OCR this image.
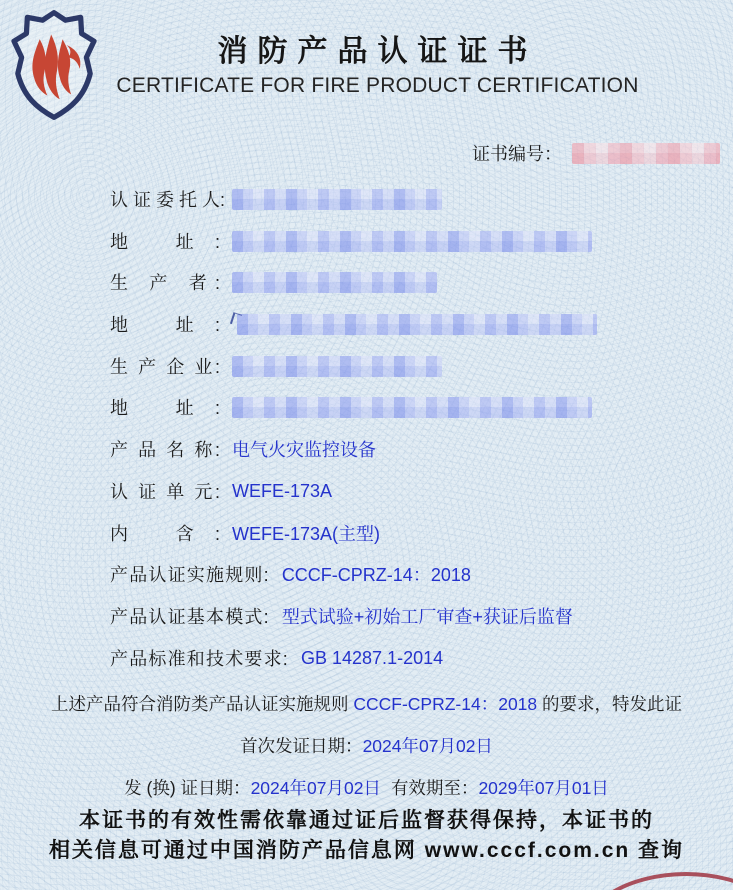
消防产品认证证书
CERTIFICATE FOR FIRE PRODUCT CERTIFICATION
证书编号：
认 证 委 托 人:
地 址:
生 产 者:
地 址:
生 产 企 业:
地 址:
产 品 名 称: 电气火灾监控设备
认 证 单 元: WEFE-173A
内 含: WEFE-173A(主型)
产品认证实施规则: CCCF-CPRZ-14：2018
产品认证基本模式: 型式试验+初始工厂审查+获证后监督
产品标准和技术要求: GB 14287.1-2014
上述产品符合消防类产品认证实施规则 CCCF-CPRZ-14：2018 的要求，特发此证
首次发证日期：2024年07月02日
发 (换) 证日期：2024年07月02日 有效期至：2029年07月01日
本证书的有效性需依靠通过证后监督获得保持，本证书的
相关信息可通过中国消防产品信息网 www.cccf.com.cn 查询
